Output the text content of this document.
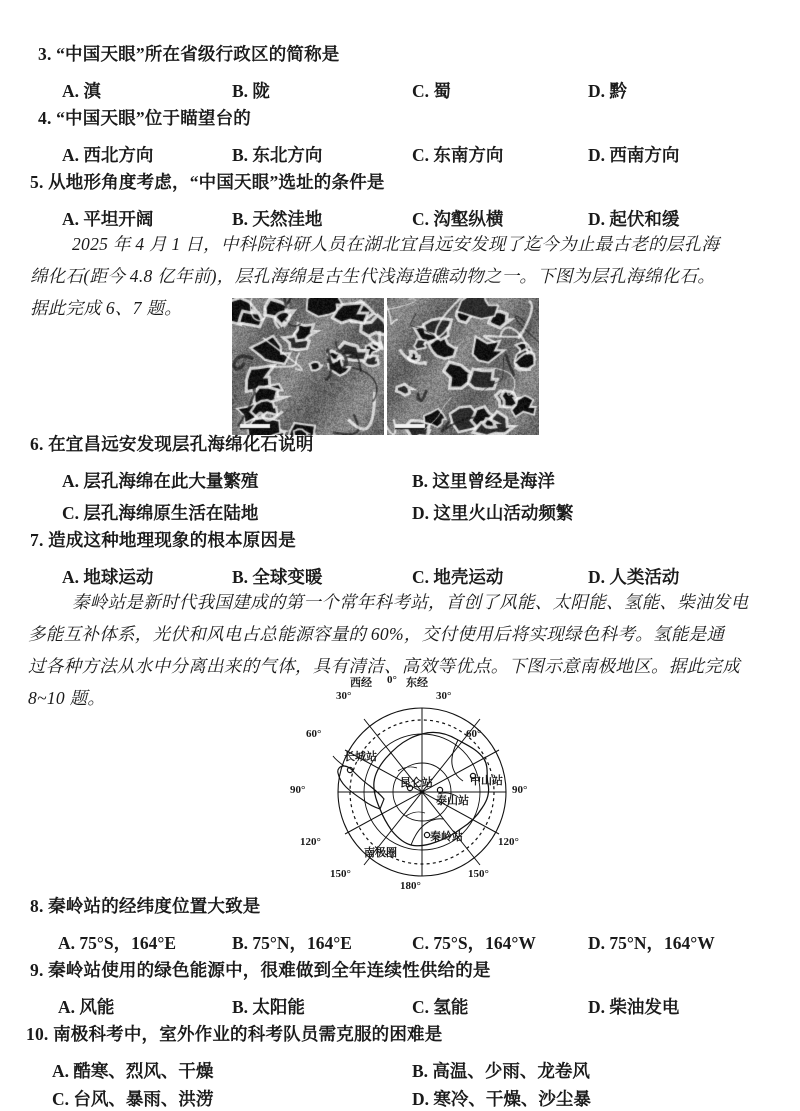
3. “中国天眼”所在省级行政区的简称是
A. 滇	B. 陇	C. 蜀	D. 黔
4. “中国天眼”位于瞄望台的
A. 西北方向	B. 东北方向	C. 东南方向	D. 西南方向
5. 从地形角度考虑，“中国天眼”选址的条件是
A. 平坦开阔	B. 天然洼地	C. 沟壑纵横	D. 起伏和缓
2025 年 4 月 1 日，中科院科研人员在湖北宜昌远安发现了迄今为止最古老的层孔海
绵化石(距今 4.8 亿年前)，层孔海绵是古生代浅海造礁动物之一。下图为层孔海绵化石。
据此完成 6、7 题。
6. 在宜昌远安发现层孔海绵化石说明
A. 层孔海绵在此大量繁殖	B. 这里曾经是海洋
C. 层孔海绵原生活在陆地	D. 这里火山活动频繁
7. 造成这种地理现象的根本原因是
A. 地球运动	B. 全球变暖	C. 地壳运动	D. 人类活动
秦岭站是新时代我国建成的第一个常年科考站，首创了风能、太阳能、氢能、柴油发电
多能互补体系，光伏和风电占总能源容量的 60%，交付使用后将实现绿色科考。氢能是通
过各种方法从水中分离出来的气体，具有清洁、高效等优点。下图示意南极地区。据此完成
8~10 题。
西经 0° 东经
30°	30°
60°	60°
90°	90°
120°	120°
150°	150°
180°
长城站
昆仑站	中山站
泰山站
秦岭站
南极圈
8. 秦岭站的经纬度位置大致是
A. 75°S，164°E	B. 75°N，164°E	C. 75°S，164°W	D. 75°N，164°W
9. 秦岭站使用的绿色能源中，很难做到全年连续性供给的是
A. 风能	B. 太阳能	C. 氢能	D. 柴油发电
10. 南极科考中，室外作业的科考队员需克服的困难是
A. 酷寒、烈风、干燥	B. 高温、少雨、龙卷风
C. 台风、暴雨、洪涝	D. 寒冷、干燥、沙尘暴
